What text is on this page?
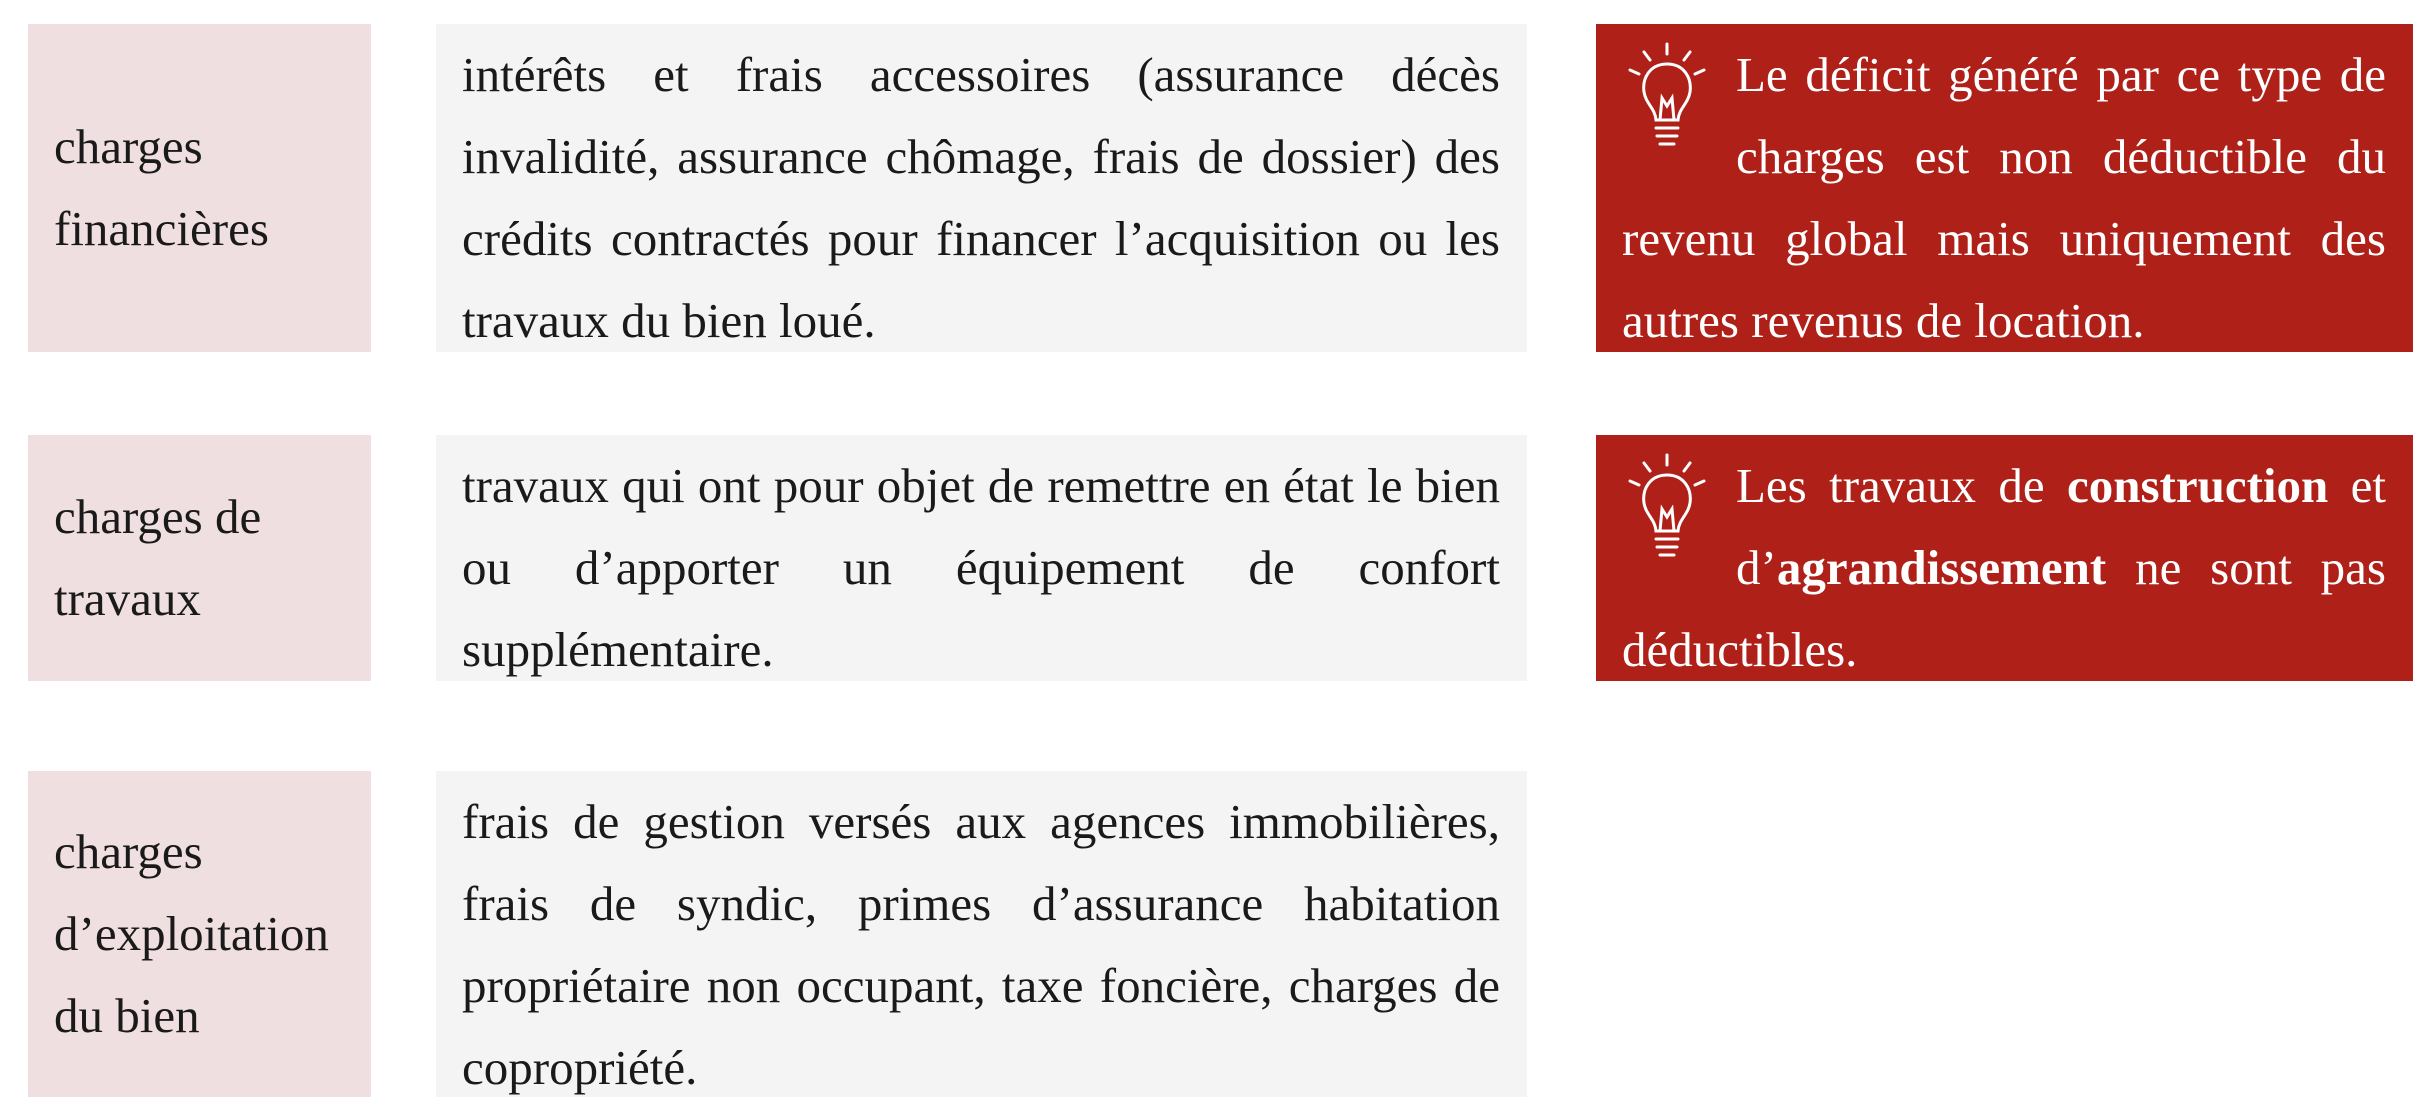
charges
financières
intérêts et frais accessoires (assurance décès invalidité, assurance chômage, frais de dossier) des crédits contractés pour financer l’acquisition ou les travaux du bien loué.
Le déficit généré par ce type de charges est non déductible du revenu global mais uniquement des autres revenus de location.
charges de
travaux
travaux qui ont pour objet de remettre en état le bien ou d’apporter un équipement de confort supplémentaire.
Les travaux de construction et d’agrandissement ne sont pas déductibles.
charges
d’exploitation
du bien
frais de gestion versés aux agences immobilières, frais de syndic, primes d’assurance habitation propriétaire non occupant, taxe foncière, charges de copropriété.
